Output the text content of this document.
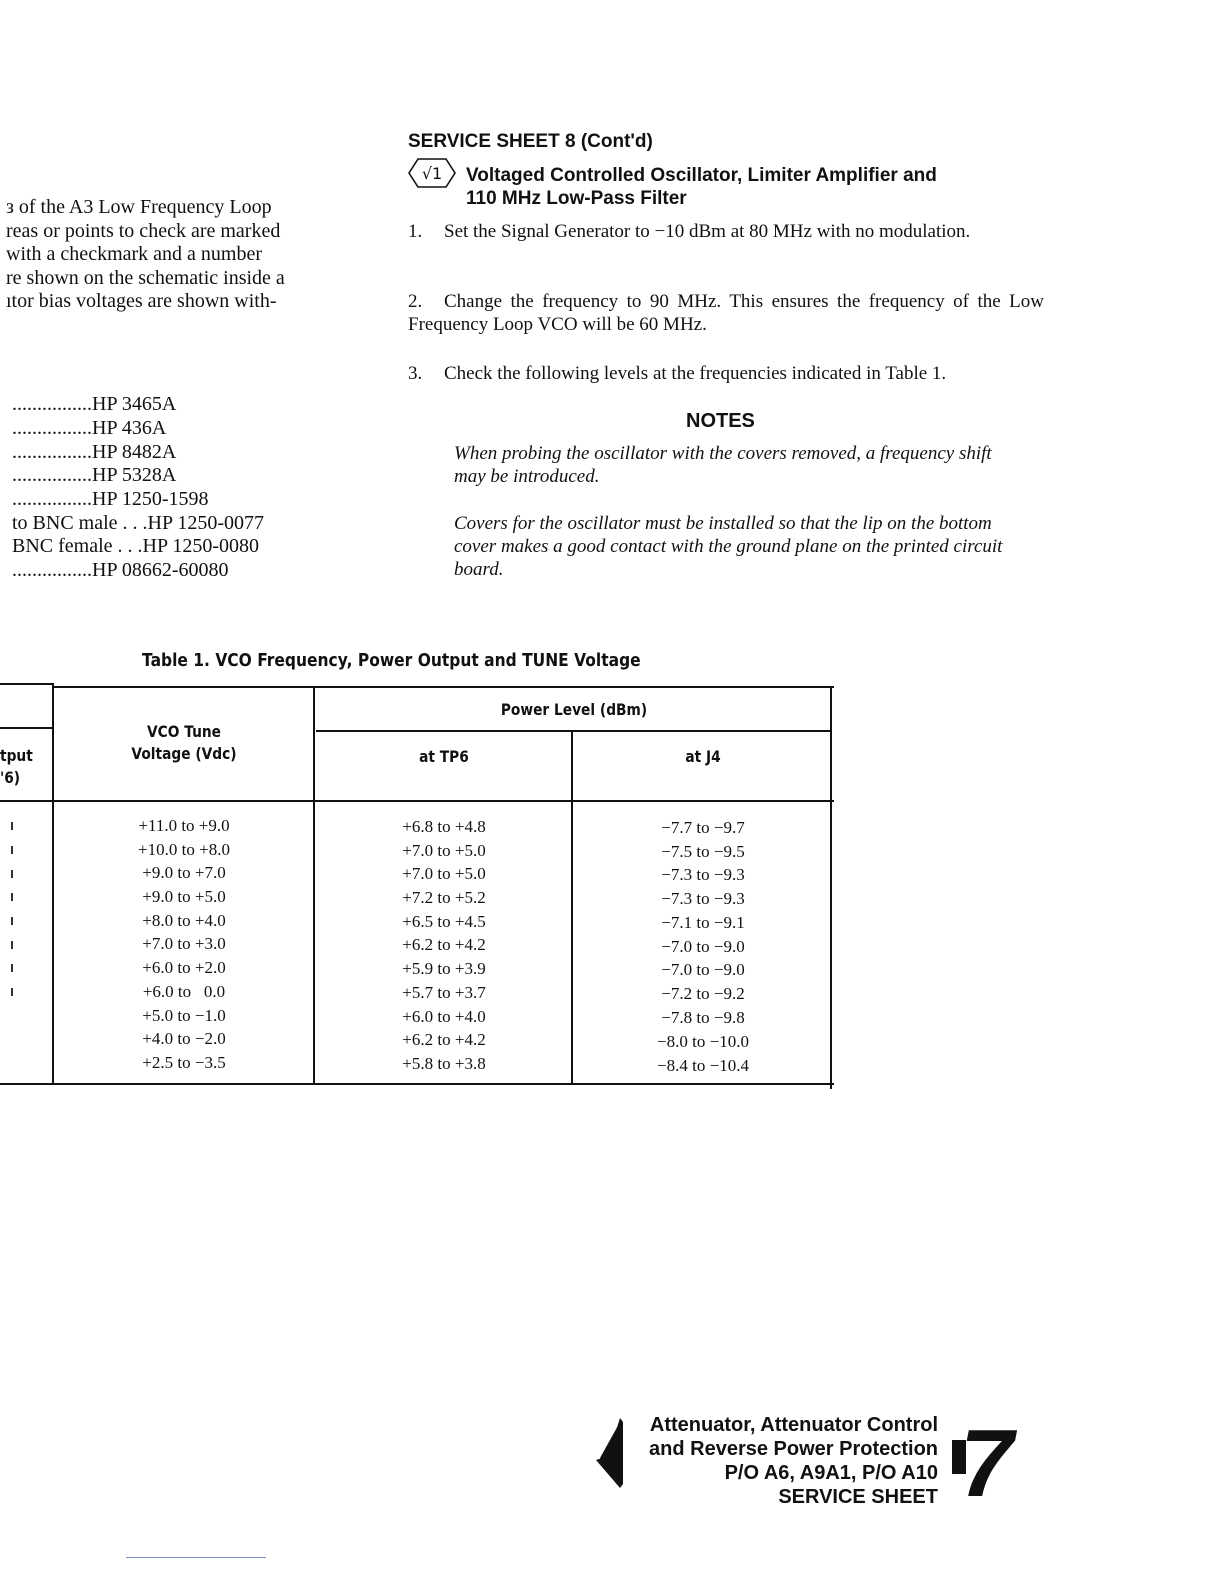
з of the A3 Low Frequency Loop
reas or points to check are marked
with a checkmark and a number
re shown on the schematic inside a
ıtor bias voltages are shown with-
................HP 3465A
................HP 436A
................HP 8482A
................HP 5328A
................HP 1250-1598
to BNC male . . .HP 1250-0077
BNC female . . .HP 1250-0080
................HP 08662-60080
SERVICE SHEET 8 (Cont'd)
√1 Voltaged Controlled Oscillator, Limiter Amplifier and
110 MHz Low-Pass Filter
1. Set the Signal Generator to −10 dBm at 80 MHz with no modulation.
2. Change the frequency to 90 MHz. This ensures the frequency of the Low Frequency Loop VCO will be 60 MHz.
3. Check the following levels at the frequencies indicated in Table 1.
NOTES
When probing the oscillator with the covers removed, a frequency shift may be introduced.
Covers for the oscillator must be installed so that the lip on the bottom cover makes a good contact with the ground plane on the printed circuit board.
Table 1. VCO Frequency, Power Output and TUNE Voltage
tput
'6)
VCO Tune
Voltage (Vdc)
Power Level (dBm)
at TP6	at J4
+11.0 to +9.0	+6.8 to +4.8	−7.7 to −9.7
+10.0 to +8.0	+7.0 to +5.0	−7.5 to −9.5
+9.0 to +7.0	+7.0 to +5.0	−7.3 to −9.3
+9.0 to +5.0	+7.2 to +5.2	−7.3 to −9.3
+8.0 to +4.0	+6.5 to +4.5	−7.1 to −9.1
+7.0 to +3.0	+6.2 to +4.2	−7.0 to −9.0
+6.0 to +2.0	+5.9 to +3.9	−7.0 to −9.0
+6.0 to   0.0	+5.7 to +3.7	−7.2 to −9.2
+5.0 to −1.0	+6.0 to +4.0	−7.8 to −9.8
+4.0 to −2.0	+6.2 to +4.2	−8.0 to −10.0
+2.5 to −3.5	+5.8 to +3.8	−8.4 to −10.4
Attenuator, Attenuator Control
and Reverse Power Protection
P/O A6, A9A1, P/O A10
SERVICE SHEET 7
